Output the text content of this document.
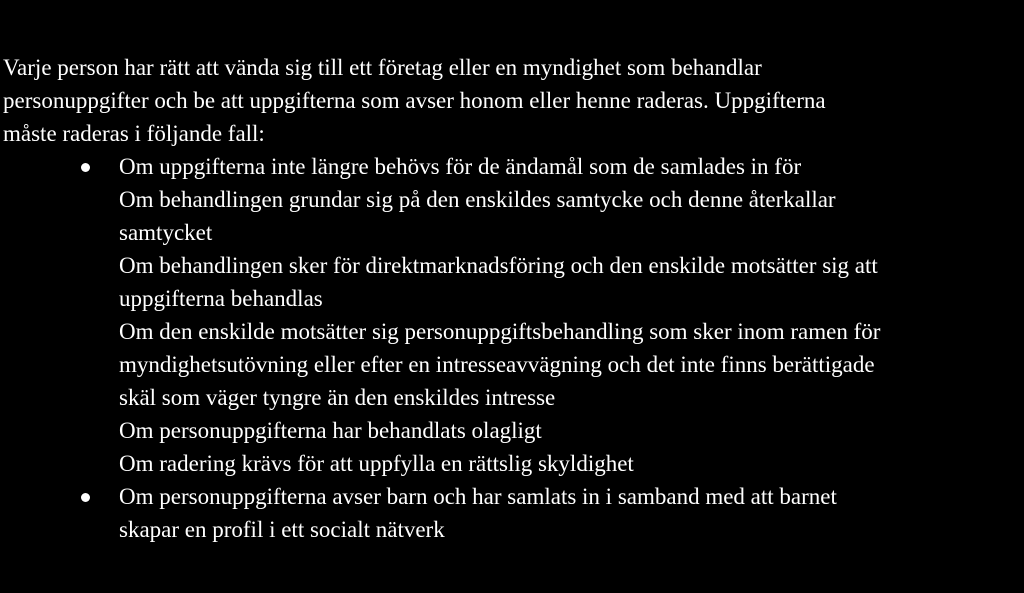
Varje person har rätt att vända sig till ett företag eller en myndighet som behandlar
personuppgifter och be att uppgifterna som avser honom eller henne raderas. Uppgifterna
måste raderas i följande fall:

Om uppgifterna inte längre behövs för de ändamål som de samlades in för
Om behandlingen grundar sig på den enskildes samtycke och denne återkallar
samtycket
Om behandlingen sker för direktmarknadsföring och den enskilde motsätter sig att
uppgifterna behandlas
Om den enskilde motsätter sig personuppgiftsbehandling som sker inom ramen för
myndighetsutövning eller efter en intresseavvägning och det inte finns berättigade
skäl som väger tyngre än den enskildes intresse
Om personuppgifterna har behandlats olagligt
Om radering krävs för att uppfylla en rättslig skyldighet
Om personuppgifterna avser barn och har samlats in i samband med att barnet
skapar en profil i ett socialt nätverk
